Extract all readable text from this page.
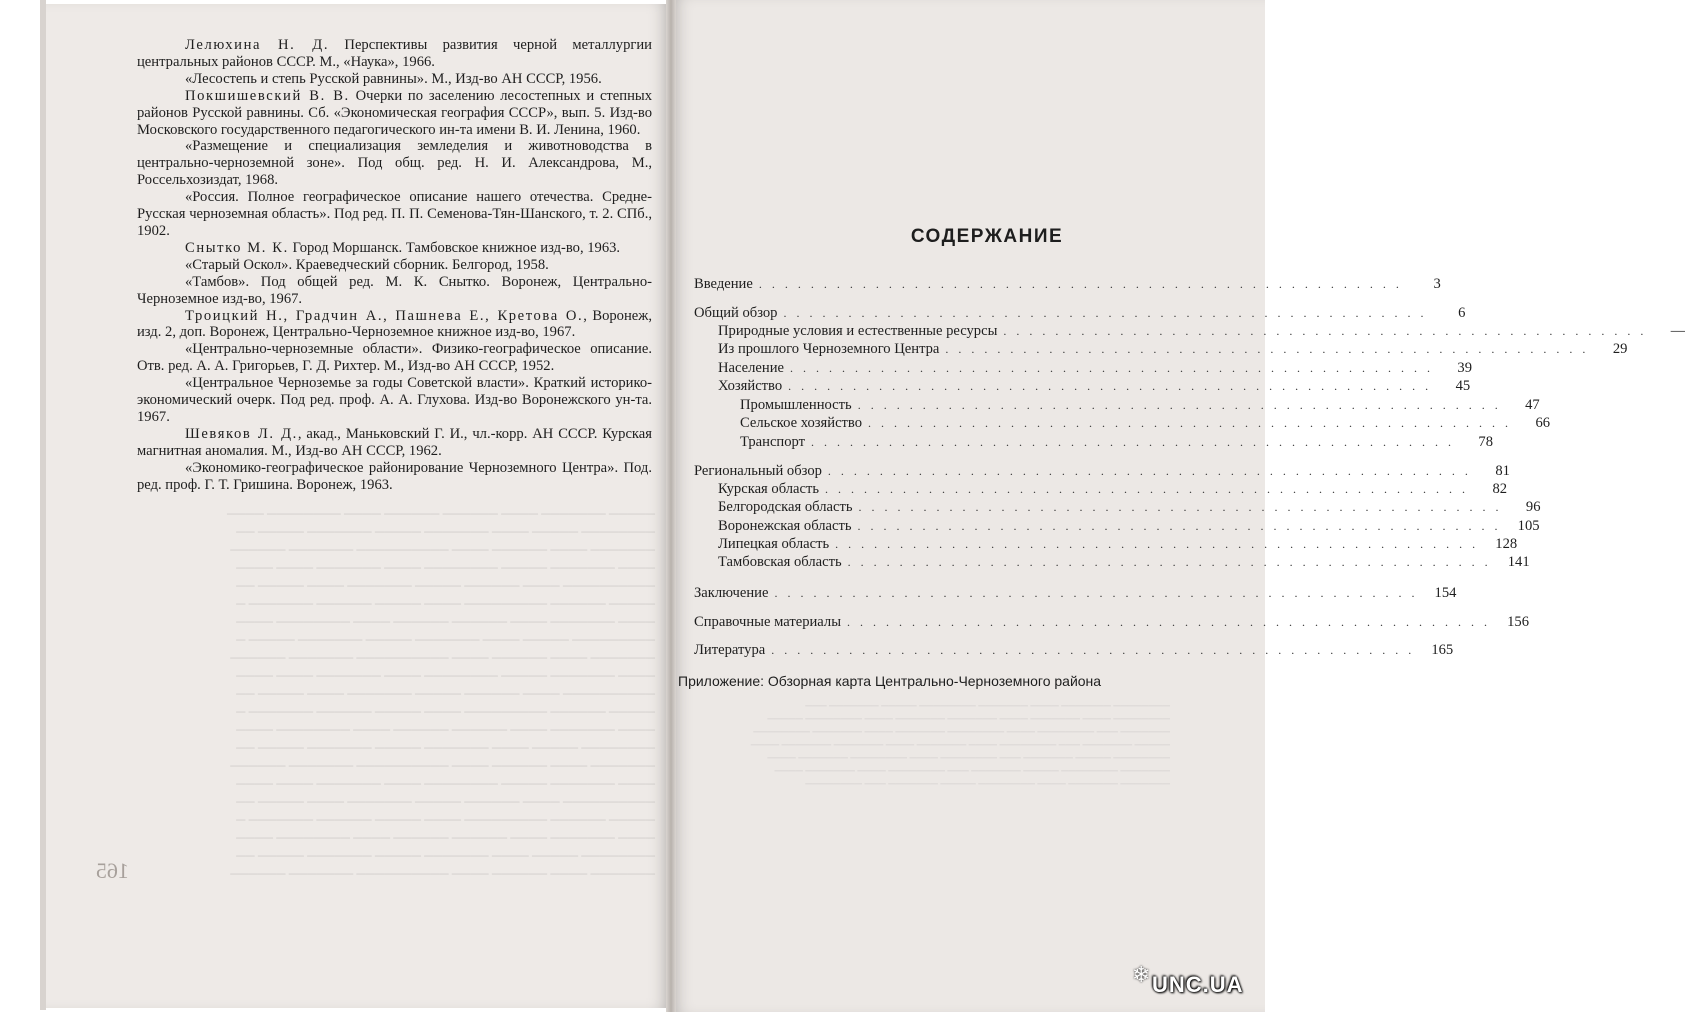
───── ─────── ──── ────── ────── ──── ──────── ────
──────── ───── ──── ─────── ───── ─────── ───── ──
─────── ──── ────── ──── ────────── ─────── ──────
──── ─────── ───── ──────── ──── ─────── ──── ────
────────── ──── ────── ───── ─────── ──── ───── ──
───── ────── ───────── ──── ───── ────── ─────── ─
──── ─────── ──── ────── ────── ──── ──────── ────
───────── ───── ──── ─────── ───── ─────── ───── ─
─────── ──── ────── ──── ────────── ─────── ──────
──── ─────── ───── ──────── ──── ─────── ──── ────
────────── ──── ────── ───── ─────── ──── ───── ──
───── ────── ───────── ──── ───── ────── ─────── ─
──── ─────── ──── ────── ────── ──── ──────── ────
──────── ───── ──── ─────── ───── ─────── ───── ──
─────── ──── ────── ──── ────────── ─────── ──────
──── ─────── ───── ──────── ──── ─────── ──── ────
────────── ──── ────── ───── ─────── ──── ───── ──
───── ────── ───────── ──── ───── ────── ─────── ─
──── ─────── ──── ────── ────── ──── ──────── ────
──────── ───── ──── ─────── ───── ─────── ───── ──
─────── ──── ────── ──── ────────── ─────── ──────
165

Лелюхина Н. Д. Перспективы развития черной металлургии центральных районов СССР. М., «Наука», 1966.

«Лесостепь и степь Русской равнины». М., Изд-во АН СССР, 1956.

Покшишевский В. В. Очерки по заселению лесостепных и степных районов Русской равнины. Сб. «Экономическая география СССР», вып. 5. Изд-во Московского государственного педагогического ин-та имени В. И. Ленина, 1960.

«Размещение и специализация земледелия и животноводства в центрально-черноземной зоне». Под общ. ред. Н. И. Александрова, М., Россельхозиздат, 1968.

«Россия. Полное географическое описание нашего отечества. Средне-Русская черноземная область». Под ред. П. П. Семенова-Тян-Шанского, т. 2. СПб., 1902.

Снытко М. К. Город Моршанск. Тамбовское книжное изд-во, 1963.

«Старый Оскол». Краеведческий сборник. Белгород, 1958.

«Тамбов». Под общей ред. М. К. Снытко. Воронеж, Центрально-Черноземное изд-во, 1967.

Троицкий Н., Градчин А., Пашнева Е., Кретова О., Воронеж, изд. 2, доп. Воронеж, Центрально-Черноземное книжное изд-во, 1967.

«Центрально-черноземные области». Физико-географическое описание. Отв. ред. А. А. Григорьев, Г. Д. Рихтер. М., Изд-во АН СССР, 1952.

«Центральное Черноземье за годы Советской власти». Краткий историко-экономический очерк. Под ред. проф. А. А. Глухова. Изд-во Воронежского ун-та. 1967.

Шевяков Л. Д., акад., Маньковский Г. И., чл.-корр. АН СССР. Курская магнитная аномалия. М., Изд-во АН СССР, 1962.

«Экономико-географическое районирование Черноземного Центра». Под. ред. проф. Г. Т. Гришина. Воронеж, 1963.

СОДЕРЖАНИЕ
Введение ..................................................	3
Общий обзор ..................................................	6
Природные условия и естественные ресурсы ..................................................	—
Из прошлого Черноземного Центра ..................................................	29
Население ..................................................	39
Хозяйство ..................................................	45
Промышленность ..................................................	47
Сельское хозяйство ..................................................	66
Транспорт ..................................................	78
Региональный обзор ..................................................	81
Курская область ..................................................	82
Белгородская область ..................................................	96
Воронежская область .................................................. 105
Липецкая область .................................................. 128
Тамбовская область .................................................. 141
Заключение .................................................. 154
Справочные материалы .................................................. 156
Литература .................................................. 165
Приложение: Обзорная карта Центрально-Черноземного района
──────── ─────── ──── ─────── ──────── ───── ─────── ─── ──────── ──── ─────── ──── ─────── ─────── ──── ──────── ───── ─────── ─── ──────── ──── ──────── ─────── ──── ─────── ──────── ───── ─────── ─── ──────── ──── ─────── ──── ─────── ─────── ──── ──────── ───── ─────── ─── ──────── ──── ──────── ─────── ──── ─────── ──────── ───── ─────── ─── ──────── ──── ─────── ──── ─────── ─────── ──── ──────── ───── ─────── ─── ────────
❄ UNC.UA
